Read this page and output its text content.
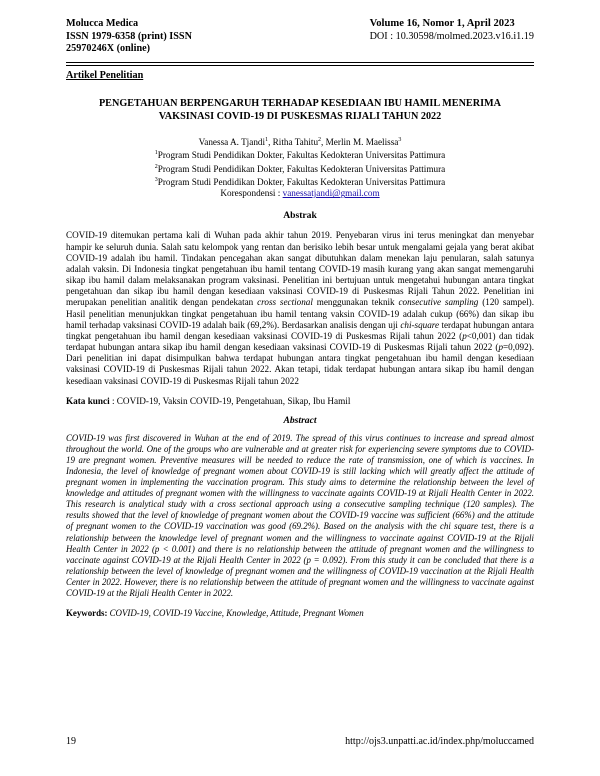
Molucca Medica
ISSN 1979-6358 (print) ISSN
25970246X (online)
Volume 16, Nomor 1, April 2023
DOI : 10.30598/molmed.2023.v16.i1.19

Artikel Penelitian

PENGETAHUAN BERPENGARUH TERHADAP KESEDIAAN IBU HAMIL MENERIMA VAKSINASI COVID-19 DI PUSKESMAS RIJALI TAHUN 2022
Vanessa A. Tjandi$^1$, Ritha Tahitu$^2$, Merlin M. Maelissa$^3$
$^1$Program Studi Pendidikan Dokter, Fakultas Kedokteran Universitas Pattimura
$^2$Program Studi Pendidikan Dokter, Fakultas Kedokteran Universitas Pattimura
$^3$Program Studi Pendidikan Dokter, Fakultas Kedokteran Universitas Pattimura
Korespondensi : vanessatjandi@gmail.com
Abstrak

COVID-19 ditemukan pertama kali di Wuhan pada akhir tahun 2019. Penyebaran virus ini terus meningkat dan menyebar hampir ke seluruh dunia. Salah satu kelompok yang rentan dan berisiko lebih besar untuk mengalami gejala yang berat akibat COVID-19 adalah ibu hamil. Tindakan pencegahan akan sangat dibutuhkan dalam menekan laju penularan, salah satunya adalah vaksin. Di Indonesia tingkat pengetahuan ibu hamil tentang COVID-19 masih kurang yang akan sangat memengaruhi sikap ibu hamil dalam melaksanakan program vaksinasi. Penelitian ini bertujuan untuk mengetahui hubungan antara tingkat pengetahuan dan sikap ibu hamil dengan kesediaan vaksinasi COVID-19 di Puskesmas Rijali Tahun 2022. Penelitian ini merupakan penelitian analitik dengan pendekatan cross sectional menggunakan teknik consecutive sampling (120 sampel). Hasil penelitian menunjukkan tingkat pengetahuan ibu hamil tentang vaksin COVID-19 adalah cukup (66%) dan sikap ibu hamil terhadap vaksinasi COVID-19 adalah baik (69,2%). Berdasarkan analisis dengan uji chi-square terdapat hubungan antara tingkat pengetahuan ibu hamil dengan kesediaan vaksinasi COVID-19 di Puskesmas Rijali tahun 2022 (p<0,001) dan tidak terdapat hubungan antara sikap ibu hamil dengan kesediaan vaksinasi COVID-19 di Puskesmas Rijali tahun 2022 (p=0,092). Dari penelitian ini dapat disimpulkan bahwa terdapat hubungan antara tingkat pengetahuan ibu hamil dengan kesediaan vaksinasi COVID-19 di Puskesmas Rijali tahun 2022. Akan tetapi, tidak terdapat hubungan antara sikap ibu hamil dengan kesediaan vaksinasi COVID-19 di Puskesmas Rijali tahun 2022

Kata kunci : COVID-19, Vaksin COVID-19, Pengetahuan, Sikap, Ibu Hamil

Abstract

COVID-19 was first discovered in Wuhan at the end of 2019. The spread of this virus continues to increase and spread almost throughout the world. One of the groups who are vulnerable and at greater risk for experiencing severe symptoms due to COVID-19 are pregnant women. Preventive measures will be needed to reduce the rate of transmission, one of which is vaccines. In Indonesia, the level of knowledge of pregnant women about COVID-19 is still lacking which will greatly affect the attitude of pregnant women in implementing the vaccination program. This study aims to determine the relationship between the level of knowledge and attitudes of pregnant women with the willingness to vaccinate againts COVID-19 at Rijali Health Center in 2022. This research is analytical study with a cross sectional approach using a consecutive sampling technique (120 samples). The results showed that the level of knowledge of pregnant women about the COVID-19 vaccine was sufficient (66%) and the attitude of pregnant women to the COVID-19 vaccination was good (69.2%). Based on the analysis with the chi square test, there is a relationship between the knowledge level of pregnant women and the willingness to vaccinate against COVID-19 at the Rijali Health Center in 2022 (p < 0.001) and there is no relationship between the attitude of pregnant women and the willingness to vaccinate against COVID-19 at the Rijali Health Center in 2022 (p = 0.092). From this study it can be concluded that there is a relationship between the level of knowledge of pregnant women and the willingness of COVID-19 vaccination at the Rijali Health Center in 2022. However, there is no relationship between the attitude of pregnant women and the willingness to vaccinate against COVID-19 at the Rijali Health Center in 2022.

Keywords: COVID-19, COVID-19 Vaccine, Knowledge, Attitude, Pregnant Women

19	http://ojs3.unpatti.ac.id/index.php/moluccamed
